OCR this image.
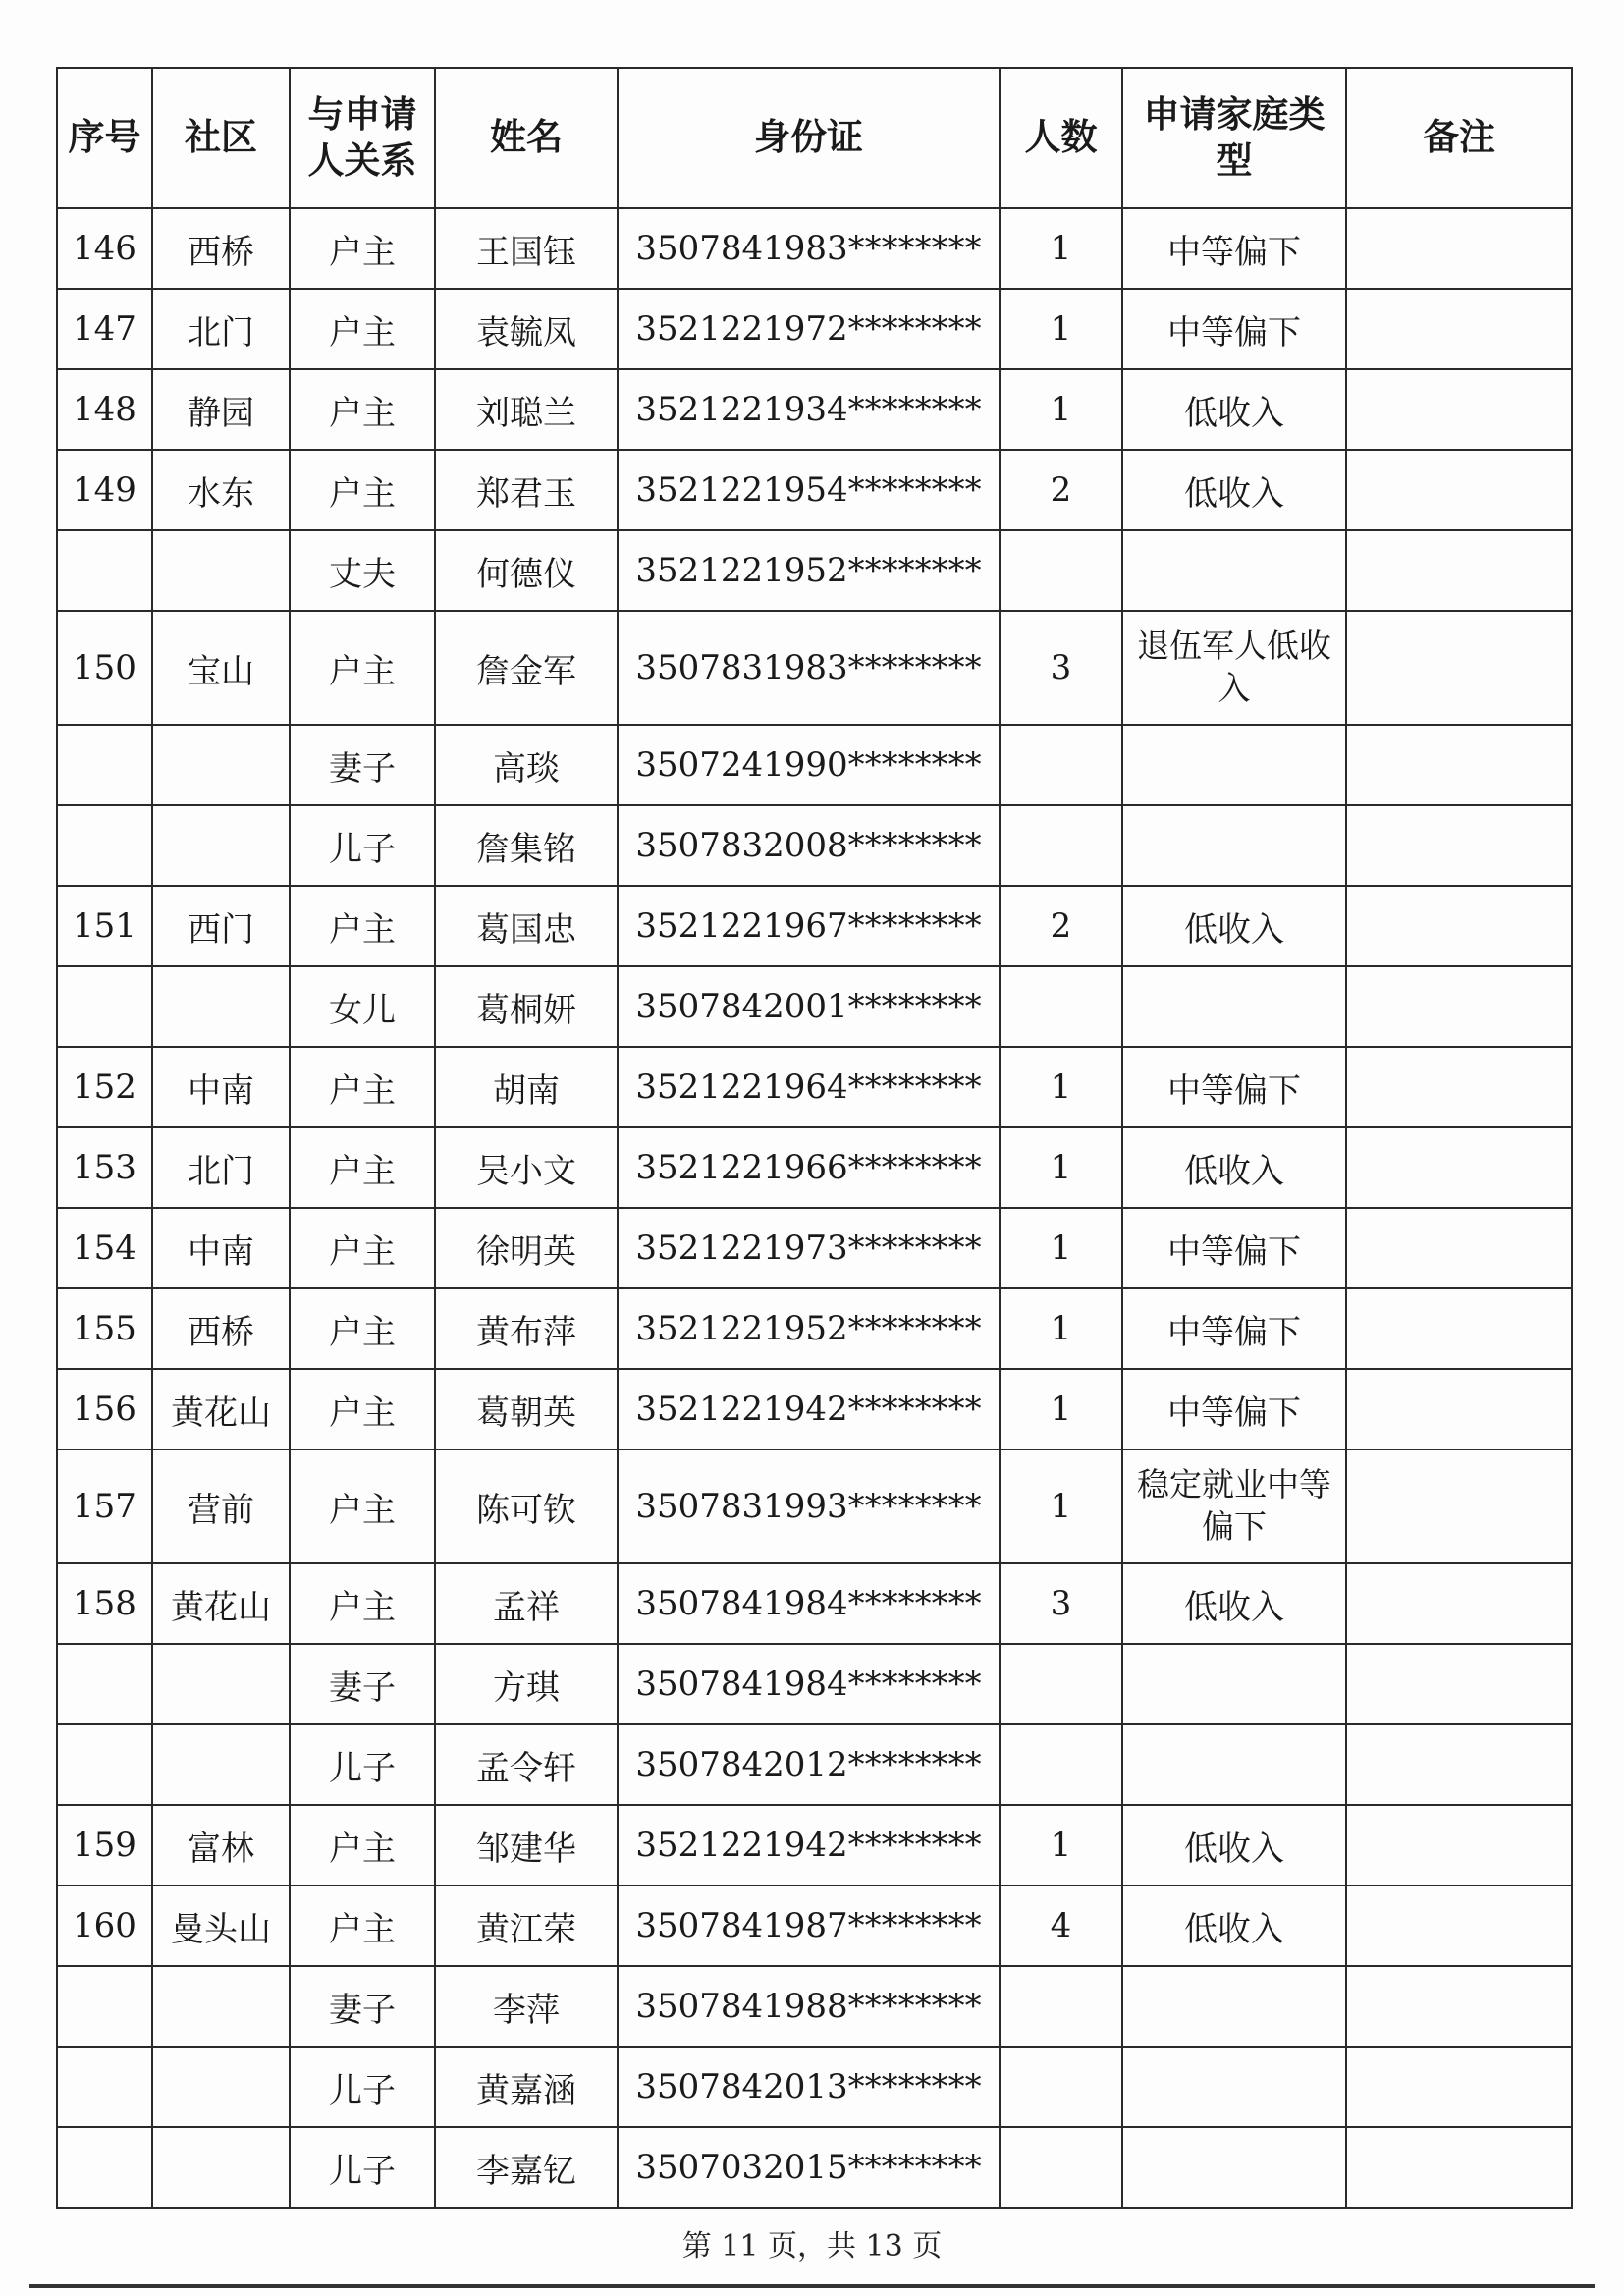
序号	社区	与申请人关系	姓名	身份证	人数	申请家庭类型	备注
146	西桥	户主	王国钰	3507841983********	1	中等偏下	
147	北门	户主	袁毓凤	3521221972********	1	中等偏下	
148	静园	户主	刘聪兰	3521221934********	1	低收入	
149	水东	户主	郑君玉	3521221954********	2	低收入	
		丈夫	何德仪	3521221952********			
150	宝山	户主	詹金军	3507831983********	3	退伍军人低收入	
		妻子	高琰	3507241990********			
		儿子	詹集铭	3507832008********			
151	西门	户主	葛国忠	3521221967********	2	低收入	
		女儿	葛桐妍	3507842001********			
152	中南	户主	胡南	3521221964********	1	中等偏下	
153	北门	户主	吴小文	3521221966********	1	低收入	
154	中南	户主	徐明英	3521221973********	1	中等偏下	
155	西桥	户主	黄布萍	3521221952********	1	中等偏下	
156	黄花山	户主	葛朝英	3521221942********	1	中等偏下	
157	营前	户主	陈可钦	3507831993********	1	稳定就业中等偏下	
158	黄花山	户主	孟祥	3507841984********	3	低收入	
		妻子	方琪	3507841984********			
		儿子	孟令轩	3507842012********			
159	富林	户主	邹建华	3521221942********	1	低收入	
160	曼头山	户主	黄江荣	3507841987********	4	低收入	
		妻子	李萍	3507841988********			
		儿子	黄嘉涵	3507842013********			
		儿子	李嘉钇	3507032015********			
第 11 页，共 13 页
